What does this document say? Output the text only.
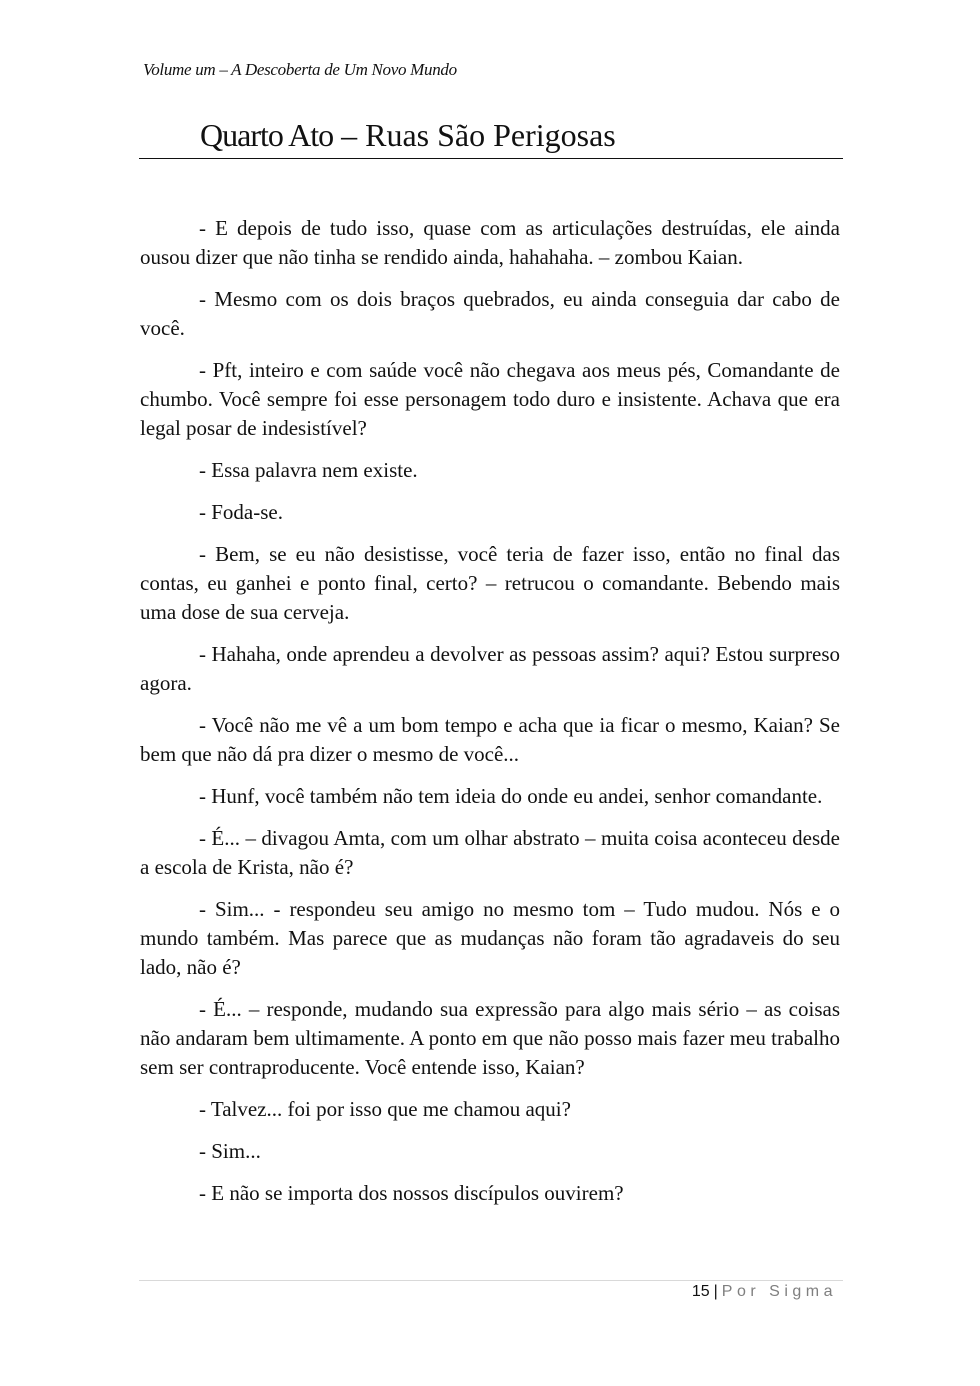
Volume um – A Descoberta de Um Novo Mundo
Quarto Ato – Ruas São Perigosas

- E depois de tudo isso, quase com as articulações destruídas, ele ainda ousou dizer que não tinha se rendido ainda, hahahaha. – zombou Kaian.

- Mesmo com os dois braços quebrados, eu ainda conseguia dar cabo de você.

- Pft, inteiro e com saúde você não chegava aos meus pés, Comandante de chumbo. Você sempre foi esse personagem todo duro e insistente. Achava que era legal posar de indesistível?

- Essa palavra nem existe.

- Foda-se.

- Bem, se eu não desistisse, você teria de fazer isso, então no final das contas, eu ganhei e ponto final, certo? – retrucou o comandante. Bebendo mais uma dose de sua cerveja.

- Hahaha, onde aprendeu a devolver as pessoas assim? aqui? Estou surpreso agora.

- Você não me vê a um bom tempo e acha que ia ficar o mesmo, Kaian? Se bem que não dá pra dizer o mesmo de você...

- Hunf, você também não tem ideia do onde eu andei, senhor comandante.

- É... – divagou Amta, com um olhar abstrato – muita coisa aconteceu desde a escola de Krista, não é?

- Sim... - respondeu seu amigo no mesmo tom – Tudo mudou. Nós e o mundo também. Mas parece que as mudanças não foram tão agradaveis do seu lado, não é?

- É... – responde, mudando sua expressão para algo mais sério – as coisas não andaram bem ultimamente. A ponto em que não posso mais fazer meu trabalho sem ser contraproducente. Você entende isso, Kaian?

- Talvez... foi por isso que me chamou aqui?

- Sim...

- E não se importa dos nossos discípulos ouvirem?

15 | Por Sigma
